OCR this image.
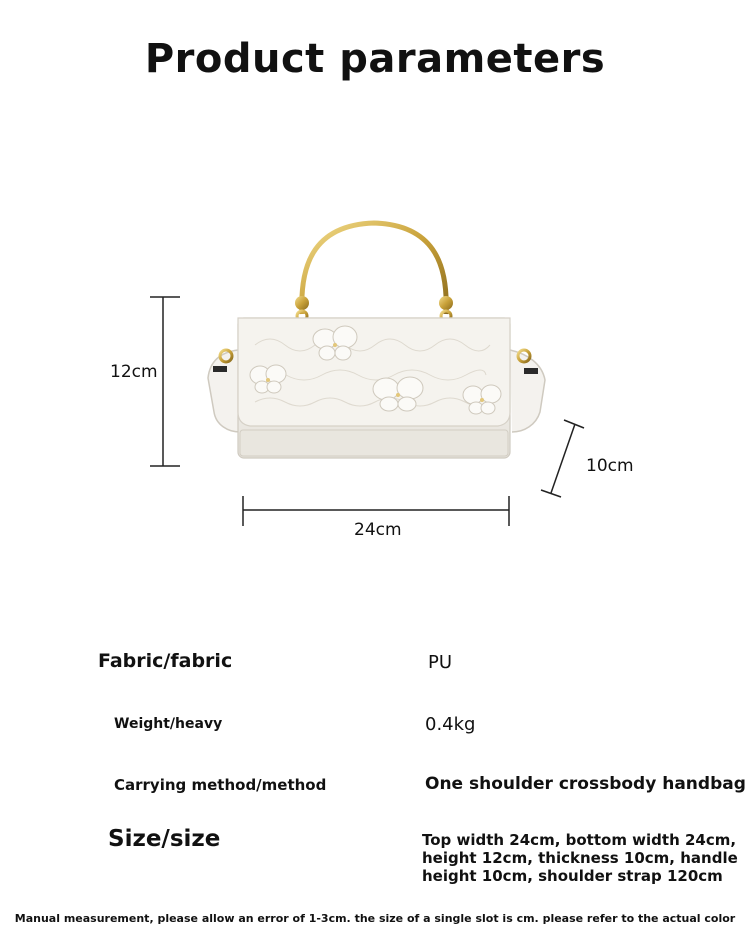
Product parameters
12cm
10cm
24cm
Fabric/fabric	PU
Weight/heavy	0.4kg
Carrying method/method	One shoulder crossbody handbag
Size/size	Top width 24cm, bottom width 24cm, height 12cm, thickness 10cm, handle height 10cm, shoulder strap 120cm
Manual measurement, please allow an error of 1-3cm. the size of a single slot is cm. please refer to the actual color
